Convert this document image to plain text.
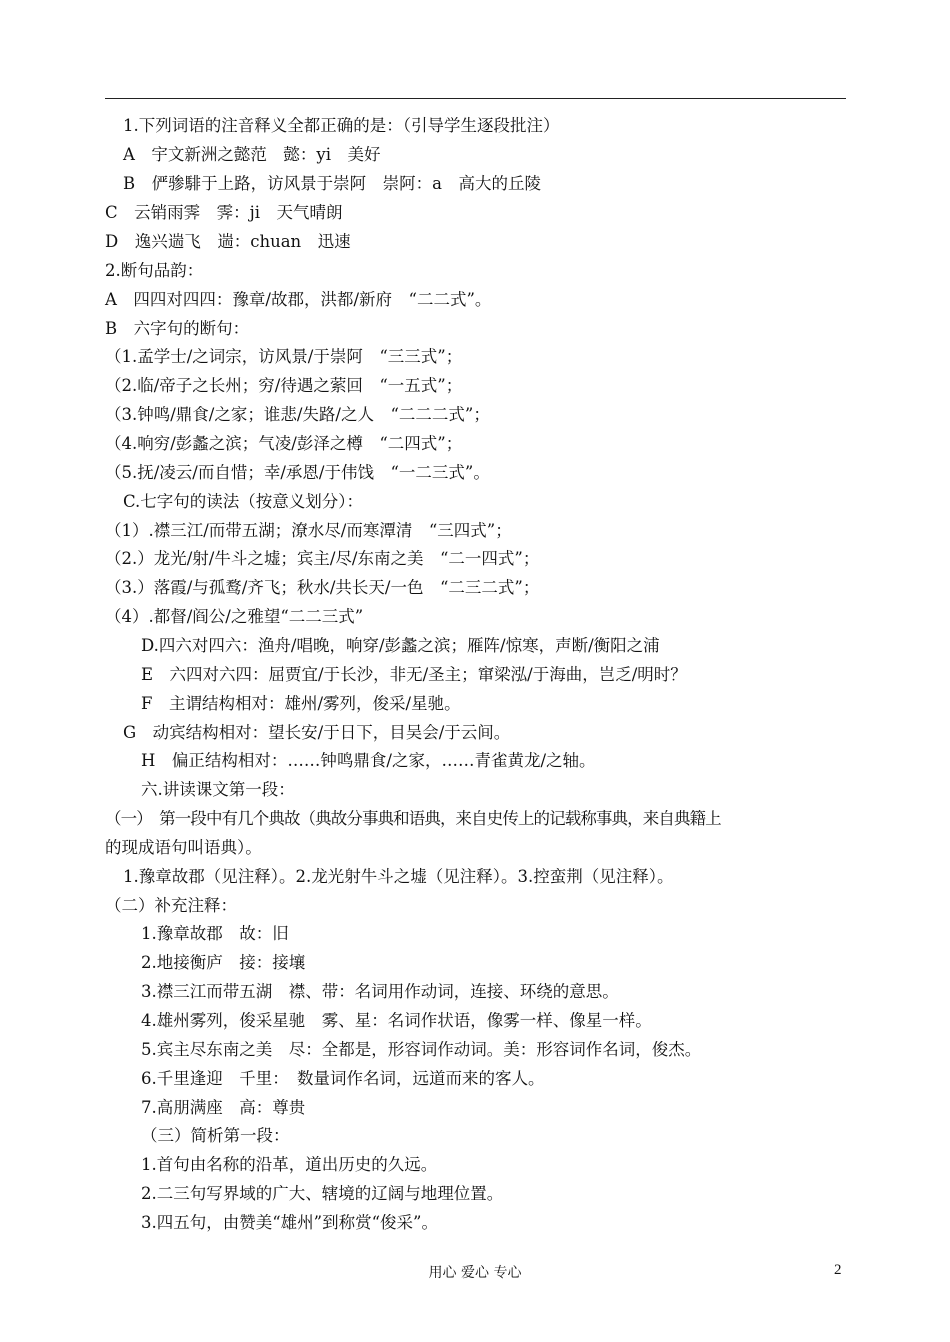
1.下列词语的注音释义全都正确的是：（引导学生逐段批注）
A　宇文新洲之懿范　懿：yi　美好
B　俨骖騑于上路，访风景于崇阿　崇阿：a　高大的丘陵
C　云销雨霁　霁：ji　天气晴朗
D　逸兴遄飞　遄：chuan　迅速
2.断句品韵：
A　四四对四四：豫章/故郡，洪都/新府　“二二式”。
B　六字句的断句：
（1.孟学士/之词宗，访风景/于崇阿　“三三式”；
（2.临/帝子之长州；穷/待遇之萦回　“一五式”；
（3.钟鸣/鼎食/之家；谁悲/失路/之人　“二二二式”；
（4.响穷/彭蠡之滨；气凌/彭泽之樽　“二四式”；
（5.抚/凌云/而自惜；幸/承恩/于伟饯　“一二三式”。
C.七字句的读法（按意义划分）：
（1）.襟三江/而带五湖；潦水尽/而寒潭清　“三四式”；
（2.）龙光/射/牛斗之墟；宾主/尽/东南之美　“二一四式”；
（3.）落霞/与孤鹜/齐飞；秋水/共长天/一色　“二三二式”；
（4）.都督/阎公/之雅望“二二三式”
D.四六对四六：渔舟/唱晚，响穿/彭蠡之滨；雁阵/惊寒，声断/衡阳之浦
E　六四对六四：屈贾宜/于长沙，非无/圣主；窜梁泓/于海曲，岂乏/明时？
F　主谓结构相对：雄州/雾列，俊采/星驰。
G　动宾结构相对：望长安/于日下，目吴会/于云间。
H　偏正结构相对：……钟鸣鼎食/之家，……青雀黄龙/之轴。
六.讲读课文第一段：
（一）　第一段中有几个典故（典故分事典和语典，来自史传上的记载称事典，来自典籍上
的现成语句叫语典）。
1.豫章故郡（见注释）。2.龙光射牛斗之墟（见注释）。3.控蛮荆（见注释）。
（二）补充注释：
1.豫章故郡　故：旧
2.地接衡庐　接：接壤
3.襟三江而带五湖　襟、带：名词用作动词，连接、环绕的意思。
4.雄州雾列，俊采星驰　雾、星：名词作状语，像雾一样、像星一样。
5.宾主尽东南之美　尽：全都是，形容词作动词。美：形容词作名词，俊杰。
6.千里逢迎　千里：　数量词作名词，远道而来的客人。
7.高朋满座　高：尊贵
（三）简析第一段：
1.首句由名称的沿革，道出历史的久远。
2.二三句写界域的广大、辖境的辽阔与地理位置。
3.四五句，由赞美“雄州”到称赏“俊采”。
用心 爱心 专心	2
